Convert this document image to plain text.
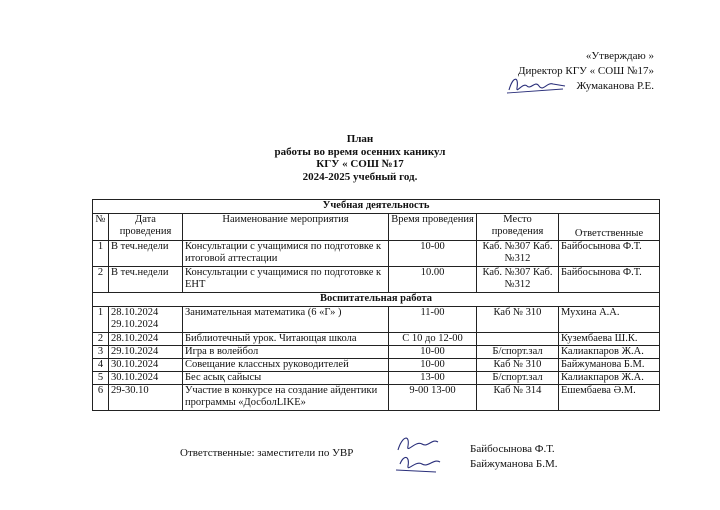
«Утверждаю »
Директор КГУ « СОШ №17»
Жумаканова Р.Е.
План
работы во время осенних каникул
КГУ « СОШ №17
2024-2025 учебный год.
Учебная деятельность					
№	Дата проведения	Наименование мероприятия	Время проведения	Место проведения	Ответственные
1	В теч.недели	Консультации с учащимися по подготовке к итоговой аттестации	10-00	Каб. №307 Каб. №312	Байбосынова Ф.Т.
2	В теч.недели	Консультации с учащимися по подготовке к ЕНТ	10.00	Каб. №307 Каб. №312	Байбосынова Ф.Т.
Воспитательная работа					
1	28.10.2024 29.10.2024	Занимательная математика (6 «Г» )	11-00	Каб № 310	Мухина А.А.
2	28.10.2024	Библиотечный урок. Читающая школа	С 10 до 12-00		Кузембаева Ш.К.
3	29.10.2024	Игра в волейбол	10-00	Б/спорт.зал	Калиакпаров Ж.А.
4	30.10.2024	Совещание классных руководителей	10-00	Каб № 310	Байжуманова Б.М.
5	30.10.2024	Бес асық сайысы	13-00	Б/спорт.зал	Калиакпаров Ж.А.
6	29-30.10	Участие в конкурсе на создание айдентики программы «ДосболLIKE»	9-00 13-00	Каб № 314	Ешембаева Ә.М.
Ответственные: заместители по УВР	Байбосынова Ф.Т.
Байжуманова Б.М.
